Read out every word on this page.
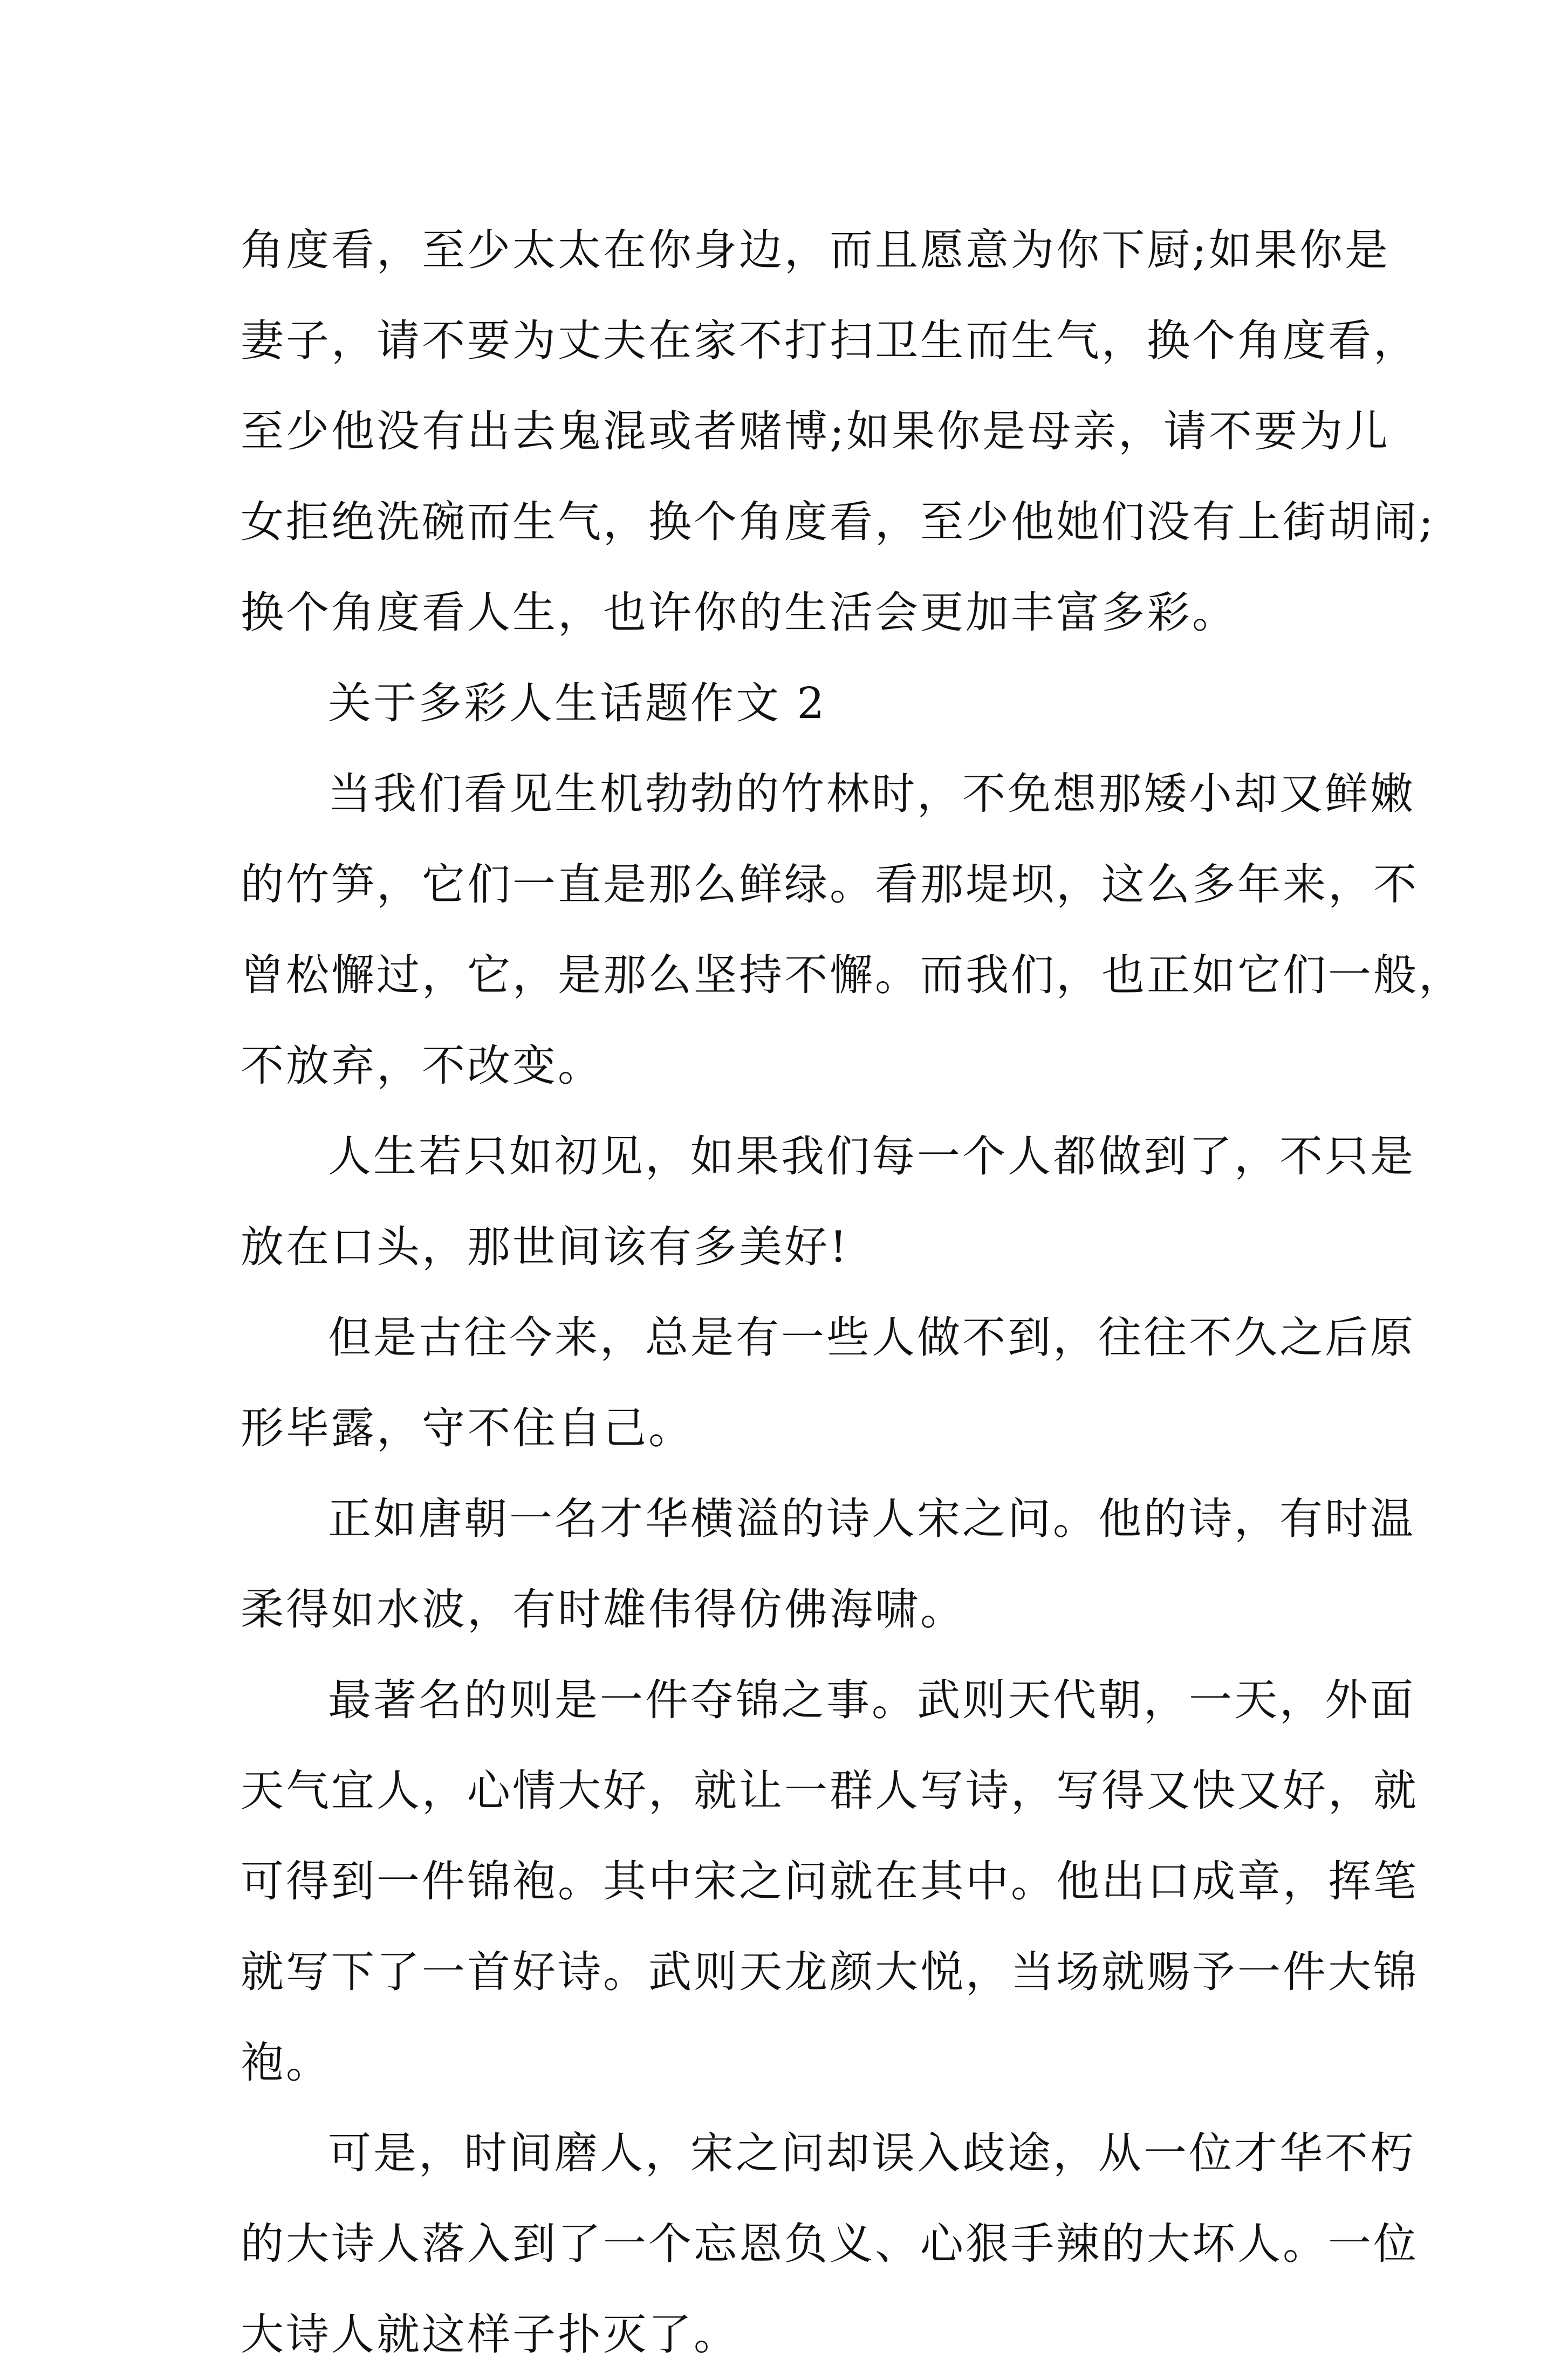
角度看，至少太太在你身边，而且愿意为你下厨;如果你是
妻子，请不要为丈夫在家不打扫卫生而生气，换个角度看，
至少他没有出去鬼混或者赌博;如果你是母亲，请不要为儿
女拒绝洗碗而生气，换个角度看，至少他她们没有上街胡闹;
换个角度看人生，也许你的生活会更加丰富多彩。
关于多彩人生话题作文 2
当我们看见生机勃勃的竹林时，不免想那矮小却又鲜嫩
的竹笋，它们一直是那么鲜绿。看那堤坝，这么多年来，不
曾松懈过，它，是那么坚持不懈。而我们，也正如它们一般，
不放弃，不改变。
人生若只如初见，如果我们每一个人都做到了，不只是
放在口头，那世间该有多美好!
但是古往今来，总是有一些人做不到，往往不久之后原
形毕露，守不住自己。
正如唐朝一名才华横溢的诗人宋之问。他的诗，有时温
柔得如水波，有时雄伟得仿佛海啸。
最著名的则是一件夺锦之事。武则天代朝，一天，外面
天气宜人，心情大好，就让一群人写诗，写得又快又好，就
可得到一件锦袍。其中宋之问就在其中。他出口成章，挥笔
就写下了一首好诗。武则天龙颜大悦，当场就赐予一件大锦
袍。
可是，时间磨人，宋之问却误入歧途，从一位才华不朽
的大诗人落入到了一个忘恩负义、心狠手辣的大坏人。一位
大诗人就这样子扑灭了。
